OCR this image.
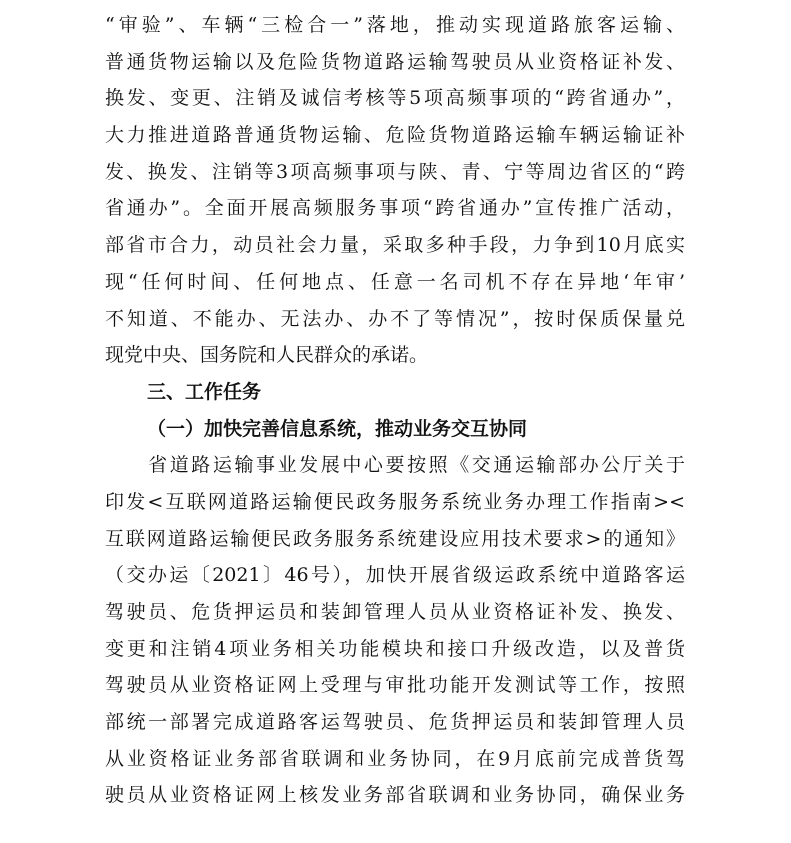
“审验”、车辆“三检合一”落地，推动实现道路旅客运输、
普通货物运输以及危险货物道路运输驾驶员从业资格证补发、
换发、变更、注销及诚信考核等5项高频事项的“跨省通办”，
大力推进道路普通货物运输、危险货物道路运输车辆运输证补
发、换发、注销等3项高频事项与陕、青、宁等周边省区的“跨
省通办”。全面开展高频服务事项“跨省通办”宣传推广活动，
部省市合力，动员社会力量，采取多种手段，力争到10月底实
现“任何时间、任何地点、任意一名司机不存在异地‘年审’
不知道、不能办、无法办、办不了等情况”，按时保质保量兑
现党中央、国务院和人民群众的承诺。
三、工作任务
（一）加快完善信息系统，推动业务交互协同
　　省道路运输事业发展中心要按照《交通运输部办公厅关于
印发<互联网道路运输便民政务服务系统业务办理工作指南><
互联网道路运输便民政务服务系统建设应用技术要求>的通知》
（交办运〔2021〕46号），加快开展省级运政系统中道路客运
驾驶员、危货押运员和装卸管理人员从业资格证补发、换发、
变更和注销4项业务相关功能模块和接口升级改造，以及普货
驾驶员从业资格证网上受理与审批功能开发测试等工作，按照
部统一部署完成道路客运驾驶员、危货押运员和装卸管理人员
从业资格证业务部省联调和业务协同，在9月底前完成普货驾
驶员从业资格证网上核发业务部省联调和业务协同，确保业务
